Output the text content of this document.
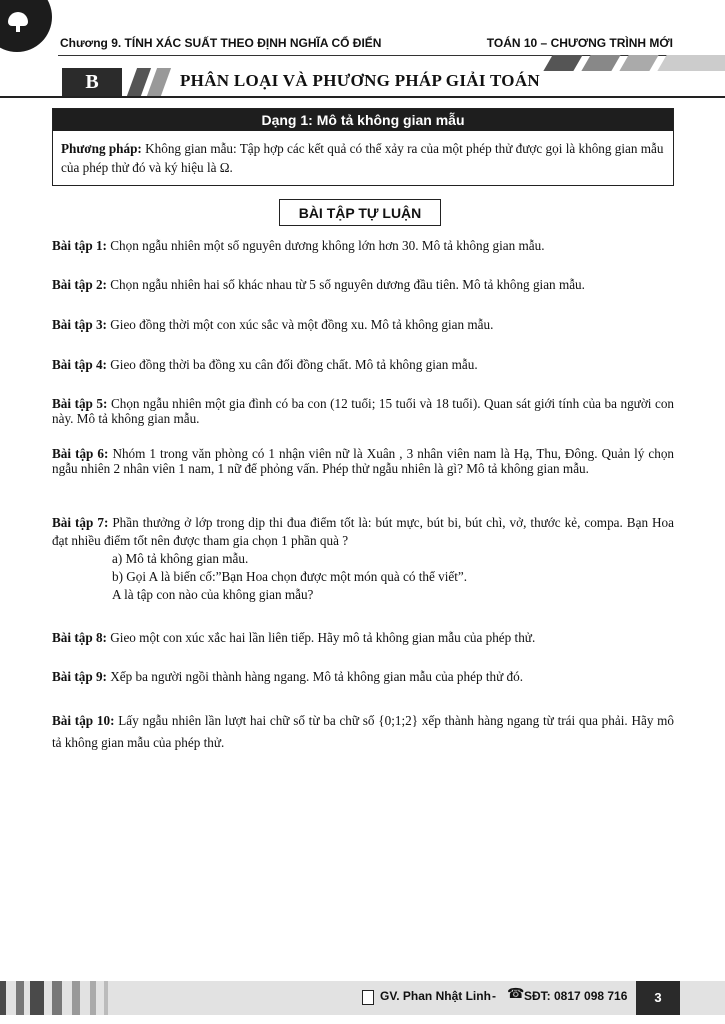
Chương 9. TÍNH XÁC SUẤT THEO ĐỊNH NGHĨA CỔ ĐIỂN	TOÁN 10 – CHƯƠNG TRÌNH MỚI
B	PHÂN LOẠI VÀ PHƯƠNG PHÁP GIẢI TOÁN
Dạng 1: Mô tả không gian mẫu
Phương pháp: Không gian mẫu: Tập hợp các kết quả có thể xảy ra của một phép thử được gọi là không gian mẫu của phép thử đó và ký hiệu là Ω.
BÀI TẬP TỰ LUẬN
Bài tập 1: Chọn ngẫu nhiên một số nguyên dương không lớn hơn 30. Mô tả không gian mẫu.
Bài tập 2: Chọn ngẫu nhiên hai số khác nhau từ 5 số nguyên dương đầu tiên. Mô tả không gian mẫu.
Bài tập 3: Gieo đồng thời một con xúc sắc và một đồng xu. Mô tả không gian mẫu.
Bài tập 4: Gieo đồng thời ba đồng xu cân đối đồng chất. Mô tả không gian mẫu.
Bài tập 5: Chọn ngẫu nhiên một gia đình có ba con (12 tuổi; 15 tuổi và 18 tuổi). Quan sát giới tính của ba người con này. Mô tả không gian mẫu.
Bài tập 6: Nhóm 1 trong văn phòng có 1 nhận viên nữ là Xuân , 3 nhân viên nam là Hạ, Thu, Đông. Quản lý chọn ngẫu nhiên 2 nhân viên 1 nam, 1 nữ để phỏng vấn. Phép thử ngẫu nhiên là gì? Mô tả không gian mẫu.
Bài tập 7: Phần thưởng ở lớp trong dịp thi đua điểm tốt là: bút mực, bút bi, bút chì, vở, thước kẻ, compa. Bạn Hoa đạt nhiều điểm tốt nên được tham gia chọn 1 phần quà ?
a) Mô tả không gian mẫu.
b) Gọi A là biến cố:”Bạn Hoa chọn được một món quà có thể viết”.
A là tập con nào của không gian mẫu?
Bài tập 8: Gieo một con xúc xắc hai lần liên tiếp. Hãy mô tả không gian mẫu của phép thử.
Bài tập 9: Xếp ba người ngồi thành hàng ngang. Mô tả không gian mẫu của phép thử đó.
Bài tập 10: Lấy ngẫu nhiên lần lượt hai chữ số từ ba chữ số {0;1;2} xếp thành hàng ngang từ trái qua phải. Hãy mô tả không gian mẫu của phép thử.
GV. Phan Nhật Linh - ☎ SĐT: 0817 098 716	3
